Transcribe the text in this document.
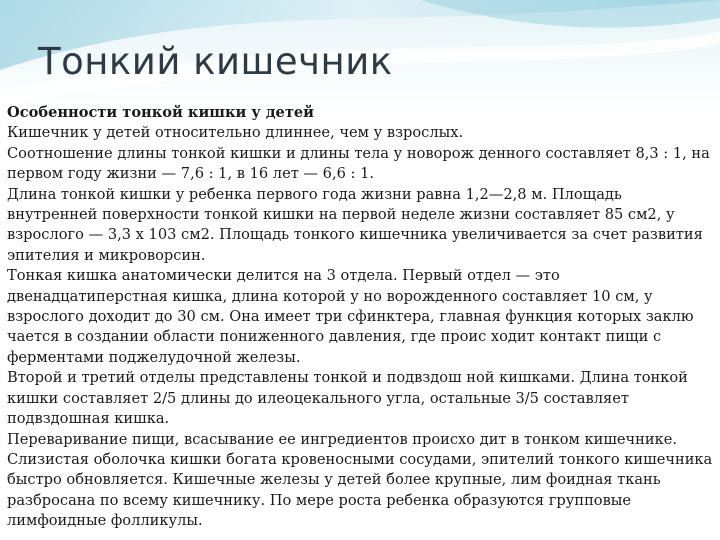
Тонкий кишечник

Особенности тонкой кишки у детей

Кишечник у детей относительно длиннее, чем у взрослых.

Соотношение длины тонкой кишки и длины тела у новорож денного составляет 8,3 : 1, на первом году жизни — 7,6 : 1, в 16 лет — 6,6 : 1.

Длина тонкой кишки у ребенка первого года жизни равна 1,2—2,8 м. Площадь внутренней поверхности тонкой кишки на первой неделе жизни составляет 85 см2, у взрослого — 3,3 х 103 см2. Площадь тонкого кишечника увеличивается за счет развития эпителия и микроворсин.

Тонкая кишка анатомически делится на 3 отдела. Первый отдел — это двенадцатиперстная кишка, длина которой у но ворожденного составляет 10 см, у взрослого доходит до 30 см. Она имеет три сфинктера, главная функция которых заклю чается в создании области пониженного давления, где проис ходит контакт пищи с ферментами поджелудочной железы.

Второй и третий отделы представлены тонкой и подвздош ной кишками. Длина тонкой кишки составляет 2/5 длины до илеоцекального угла, остальные 3/5 составляет подвздошная кишка.

Переваривание пищи, всасывание ее ингредиентов происхо дит в тонком кишечнике. Слизистая оболочка кишки богата кровеносными сосудами, эпителий тонкого кишечника быстро обновляется. Кишечные железы у детей более крупные, лим фоидная ткань разбросана по всему кишечнику. По мере роста ребенка образуются групповые лимфоидные фолликулы.
